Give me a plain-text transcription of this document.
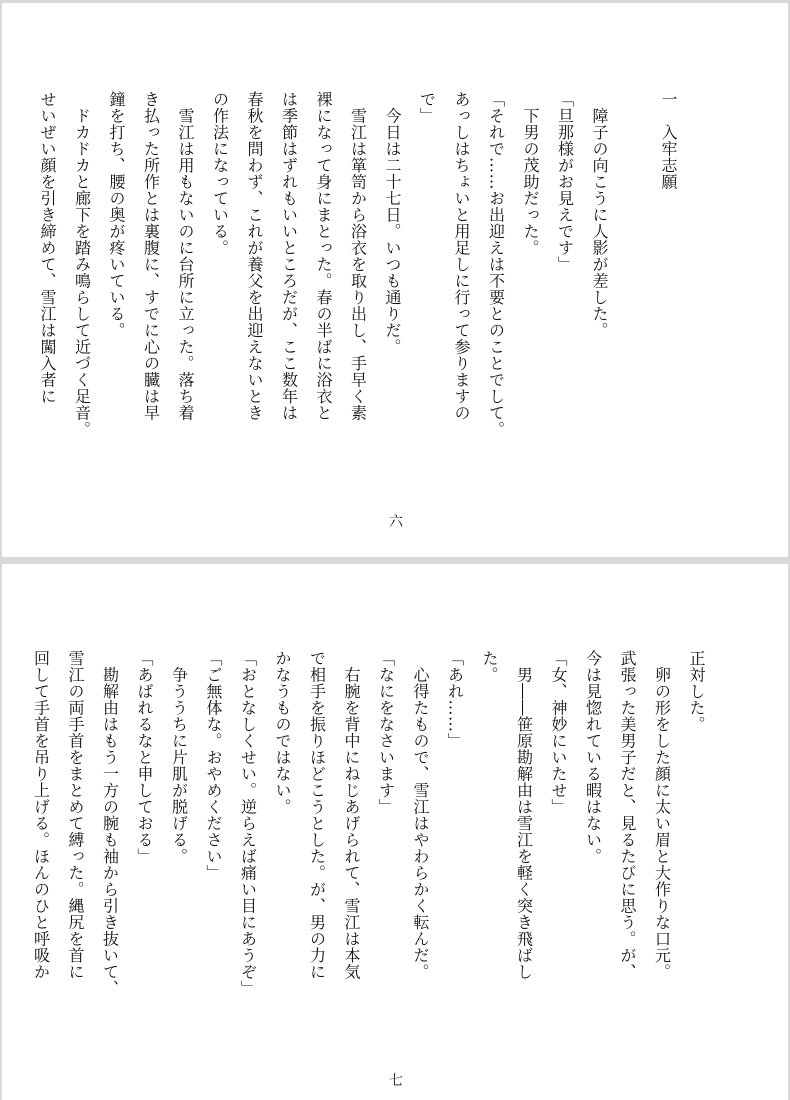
一　入牢志願

　障子の向こうに人影が差した。
「旦那様がお見えです」
　下男の茂助だった。
「それで……お出迎えは不要とのことでして。
あっしはちょいと用足しに行って参りますの
で」
　今日は二十七日。いつも通りだ。
　雪江は箪笥から浴衣を取り出し、手早く素
裸になって身にまとった。春の半ばに浴衣と
は季節はずれもいいところだが、ここ数年は
春秋を問わず、これが養父を出迎えないとき
の作法になっている。
　雪江は用もないのに台所に立った。落ち着
き払った所作とは裏腹に、すでに心の臓は早
鐘を打ち、腰の奥が疼いている。
　ドカドカと廊下を踏み鳴らして近づく足音。
せいぜい顔を引き締めて、雪江は闖入者に
六
正対した。
　卵の形をした顔に太い眉と大作りな口元。
武張った美男子だと、見るたびに思う。が、
今は見惚れている暇はない。
「女、神妙にいたせ」
　男――笹原勘解由は雪江を軽く突き飛ばし
た。
「あれ……」
　心得たもので、雪江はやわらかく転んだ。
「なにをなさいます」
　右腕を背中にねじあげられて、雪江は本気
で相手を振りほどこうとした。が、男の力に
かなうものではない。
「おとなしくせい。逆らえば痛い目にあうぞ」
「ご無体な。おやめください」
　争ううちに片肌が脱げる。
「あばれるなと申しておる」
　勘解由はもう一方の腕も袖から引き抜いて、
雪江の両手首をまとめて縛った。縄尻を首に
回して手首を吊り上げる。ほんのひと呼吸か
七
